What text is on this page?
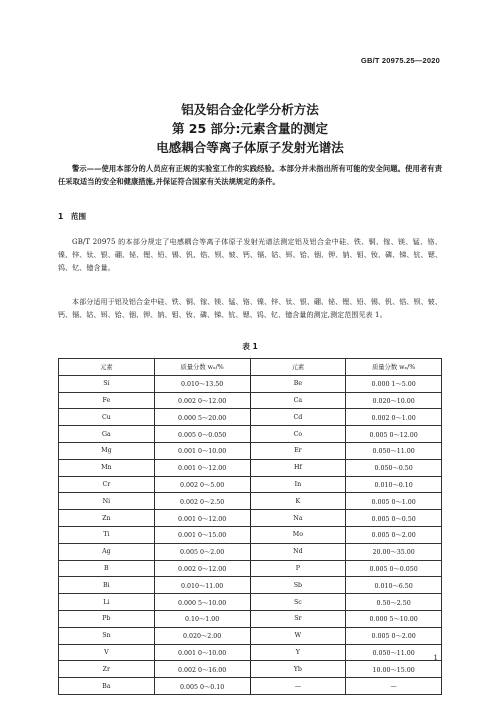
GB/T 20975.25—2020
铝及铝合金化学分析方法
第 25 部分:元素含量的测定
电感耦合等离子体原子发射光谱法
警示——使用本部分的人员应有正规的实验室工作的实践经验。本部分并未指出所有可能的安全问题。使用者有责任采取适当的安全和健康措施,并保证符合国家有关法规规定的条件。
1　范围
GB/T 20975 的本部分规定了电感耦合等离子体原子发射光谱法测定铝及铝合金中硅、铁、铜、镓、镁、锰、铬、镍、锌、钛、银、硼、铋、锂、铅、锡、钒、锆、钡、铍、钙、镉、钴、铒、铪、铟、钾、钠、钼、钕、磷、锑、钪、锶、钨、钇、镱含量。
本部分适用于铝及铝合金中硅、铁、铜、镓、镁、锰、铬、镍、锌、钛、银、硼、铋、锂、铅、锡、钒、锆、钡、铍、钙、镉、钴、铒、铪、铟、钾、钠、钼、钕、磷、锑、钪、锶、钨、钇、镱含量的测定,测定范围见表 1。
表 1
元素	质量分数 wₓ/%	元素	质量分数 wₓ/%
Si	0.010～13.50	Be	0.000 1～5.00
Fe	0.002 0～12.00	Ca	0.020～10.00
Cu	0.000 5～20.00	Cd	0.002 0～1.00
Ga	0.005 0～0.050	Co	0.005 0～12.00
Mg	0.001 0～10.00	Er	0.050～11.00
Mn	0.001 0～12.00	Hf	0.050～0.50
Cr	0.002 0～5.00	In	0.010～0.10
Ni	0.002 0～2.50	K	0.005 0～1.00
Zn	0.001 0～12.00	Na	0.005 0～0.50
Ti	0.001 0～15.00	Mo	0.005 0～2.00
Ag	0.005 0～2.00	Nd	20.00～35.00
B	0.002 0～12.00	P	0.005 0～0.050
Bi	0.010～11.00	Sb	0.010～6.50
Li	0.000 5～10.00	Sc	0.50～2.50
Pb	0.10～1.00	Sr	0.000 5～10.00
Sn	0.020～2.00	W	0.005 0～2.00
V	0.001 0～10.00	Y	0.050～11.00
Zr	0.002 0～16.00	Yb	10.00～15.00
Ba	0.005 0～0.10	—	—
1
